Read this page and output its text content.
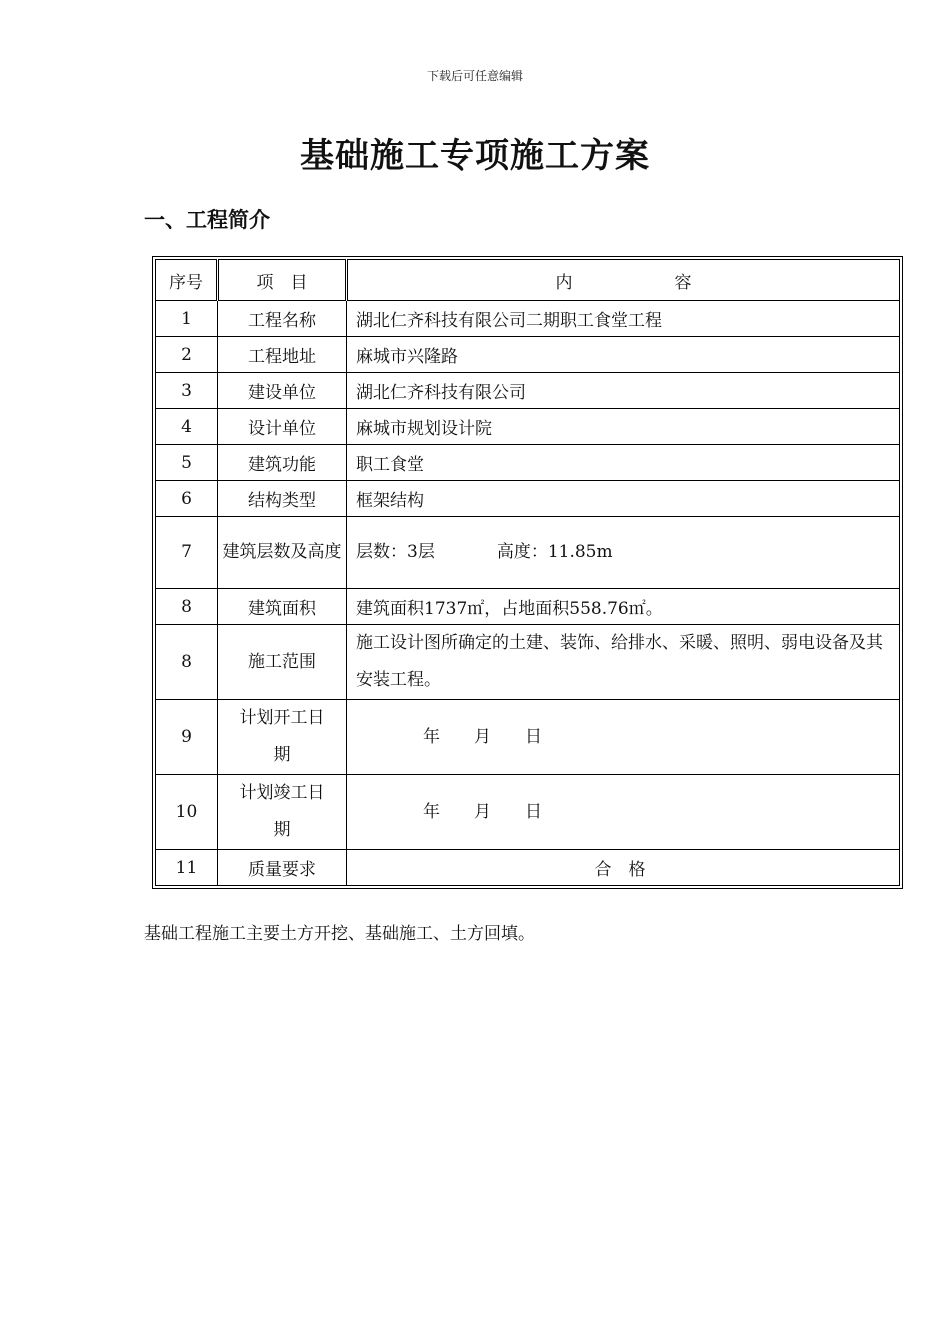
下载后可任意编辑
基础施工专项施工方案
一、工程简介
序号	项　目	内　　　　　　容
1	工程名称	湖北仁齐科技有限公司二期职工食堂工程
2	工程地址	麻城市兴隆路
3	建设单位	湖北仁齐科技有限公司
4	设计单位	麻城市规划设计院
5	建筑功能	职工食堂
6	结构类型	框架结构
7	建筑层数及高度	层数：3层 高度：11.85m
8	建筑面积	建筑面积1737㎡，占地面积558.76㎡。
8	施工范围	施工设计图所确定的土建、装饰、给排水、采暖、照明、弱电设备及其安装工程。
9	计划开工日期	年　　月　　日
10	计划竣工日期	年　　月　　日
11	质量要求	合　格
基础工程施工主要土方开挖、基础施工、土方回填。
